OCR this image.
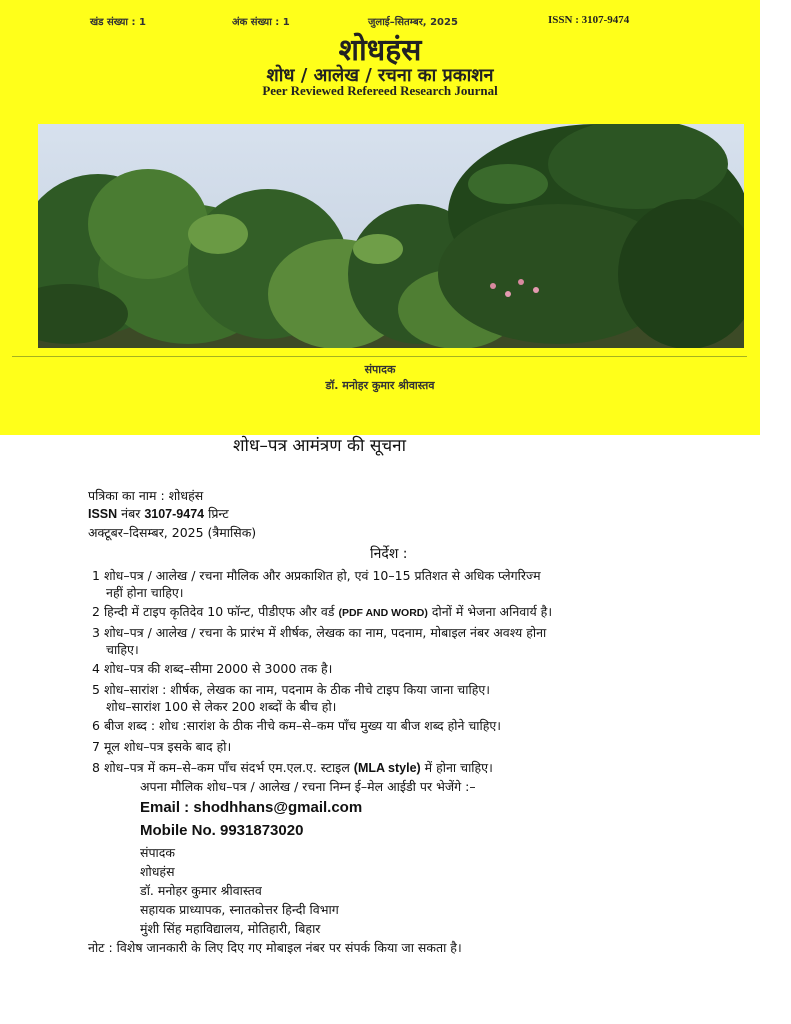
खंड संख्या : 1	अंक संख्या : 1	जुलाई–सितम्बर, 2025	ISSN : 3107-9474
शोधहंस
शोध / आलेख / रचना का प्रकाशन
Peer Reviewed Refereed Research Journal
संपादक
डॉ. मनोहर कुमार श्रीवास्तव
शोध–पत्र आमंत्रण की सूचना
पत्रिका का नाम : शोधहंस
ISSN नंबर 3107-9474 प्रिन्ट
अक्टूबर–दिसम्बर, 2025 (त्रैमासिक)
निर्देश :
1 शोध–पत्र / आलेख / रचना मौलिक और अप्रकाशित हो, एवं 10–15 प्रतिशत से अधिक प्लेगरिज्म
नहीं होना चाहिए।
2 हिन्दी में टाइप कृतिदेव 10 फॉन्ट, पीडीएफ और वर्ड (PDF AND WORD) दोनों में भेजना अनिवार्य है।
3 शोध–पत्र / आलेख / रचना के प्रारंभ में शीर्षक, लेखक का नाम, पदनाम, मोबाइल नंबर अवश्य होना
चाहिए।
4 शोध–पत्र की शब्द–सीमा 2000 से 3000 तक है।
5 शोध–सारांश : शीर्षक, लेखक का नाम, पदनाम के ठीक नीचे टाइप किया जाना चाहिए।
शोध–सारांश 100 से लेकर 200 शब्दों के बीच हो।
6 बीज शब्द : शोध :सारांश के ठीक नीचे कम–से–कम पाँच मुख्य या बीज शब्द होने चाहिए।
7 मूल शोध–पत्र इसके बाद हो।
8 शोध–पत्र में कम–से–कम पाँच संदर्भ एम.एल.ए. स्टाइल (MLA style) में होना चाहिए।
अपना मौलिक शोध–पत्र / आलेख / रचना निम्न ई–मेल आईडी पर भेजेंगे :–
Email : shodhhans@gmail.com
Mobile No. 9931873020
संपादक
शोधहंस
डॉ. मनोहर कुमार श्रीवास्तव
सहायक प्राध्यापक, स्नातकोत्तर हिन्दी विभाग
मुंशी सिंह महाविद्यालय, मोतिहारी, बिहार
नोट : विशेष जानकारी के लिए दिए गए मोबाइल नंबर पर संपर्क किया जा सकता है।
